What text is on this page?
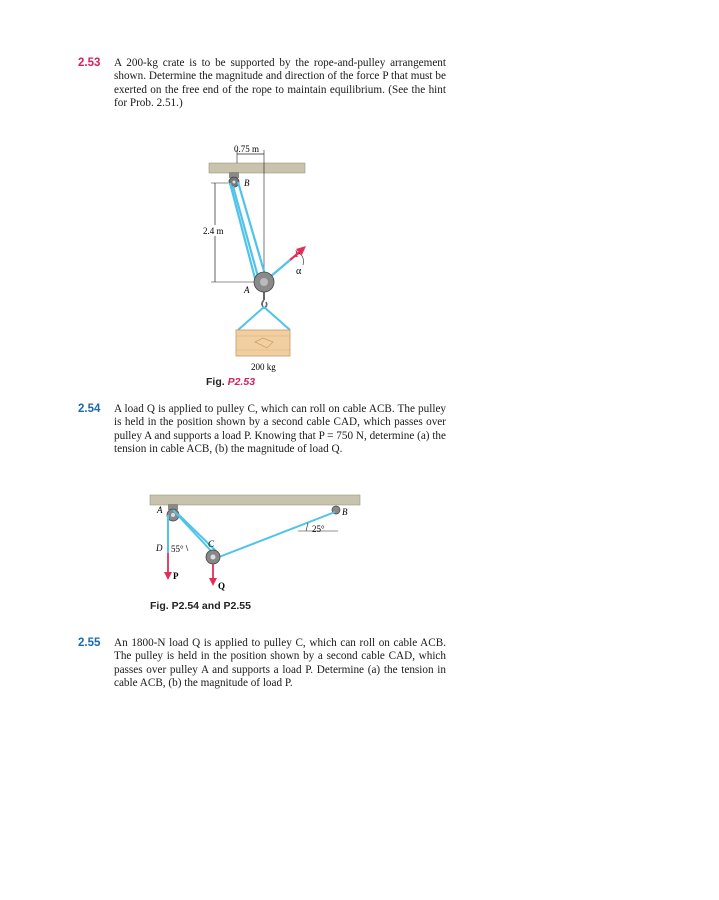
2.53 A 200-kg crate is to be supported by the rope-and-pulley arrangement shown. Determine the magnitude and direction of the force P that must be exerted on the free end of the rope to maintain equilibrium. (See the hint for Prob. 2.51.)
0.75 m
2.4 m
B
A
P
α
200 kg
Fig. P2.53
2.54 A load Q is applied to pulley C, which can roll on cable ACB. The pulley is held in the position shown by a second cable CAD, which passes over pulley A and supports a load P. Knowing that P = 750 N, determine (a) the tension in cable ACB, (b) the magnitude of load Q.
A	B
C
D 55°
25°
P
Q
Fig. P2.54 and P2.55
2.55 An 1800-N load Q is applied to pulley C, which can roll on cable ACB. The pulley is held in the position shown by a second cable CAD, which passes over pulley A and supports a load P. Determine (a) the tension in cable ACB, (b) the magnitude of load P.
